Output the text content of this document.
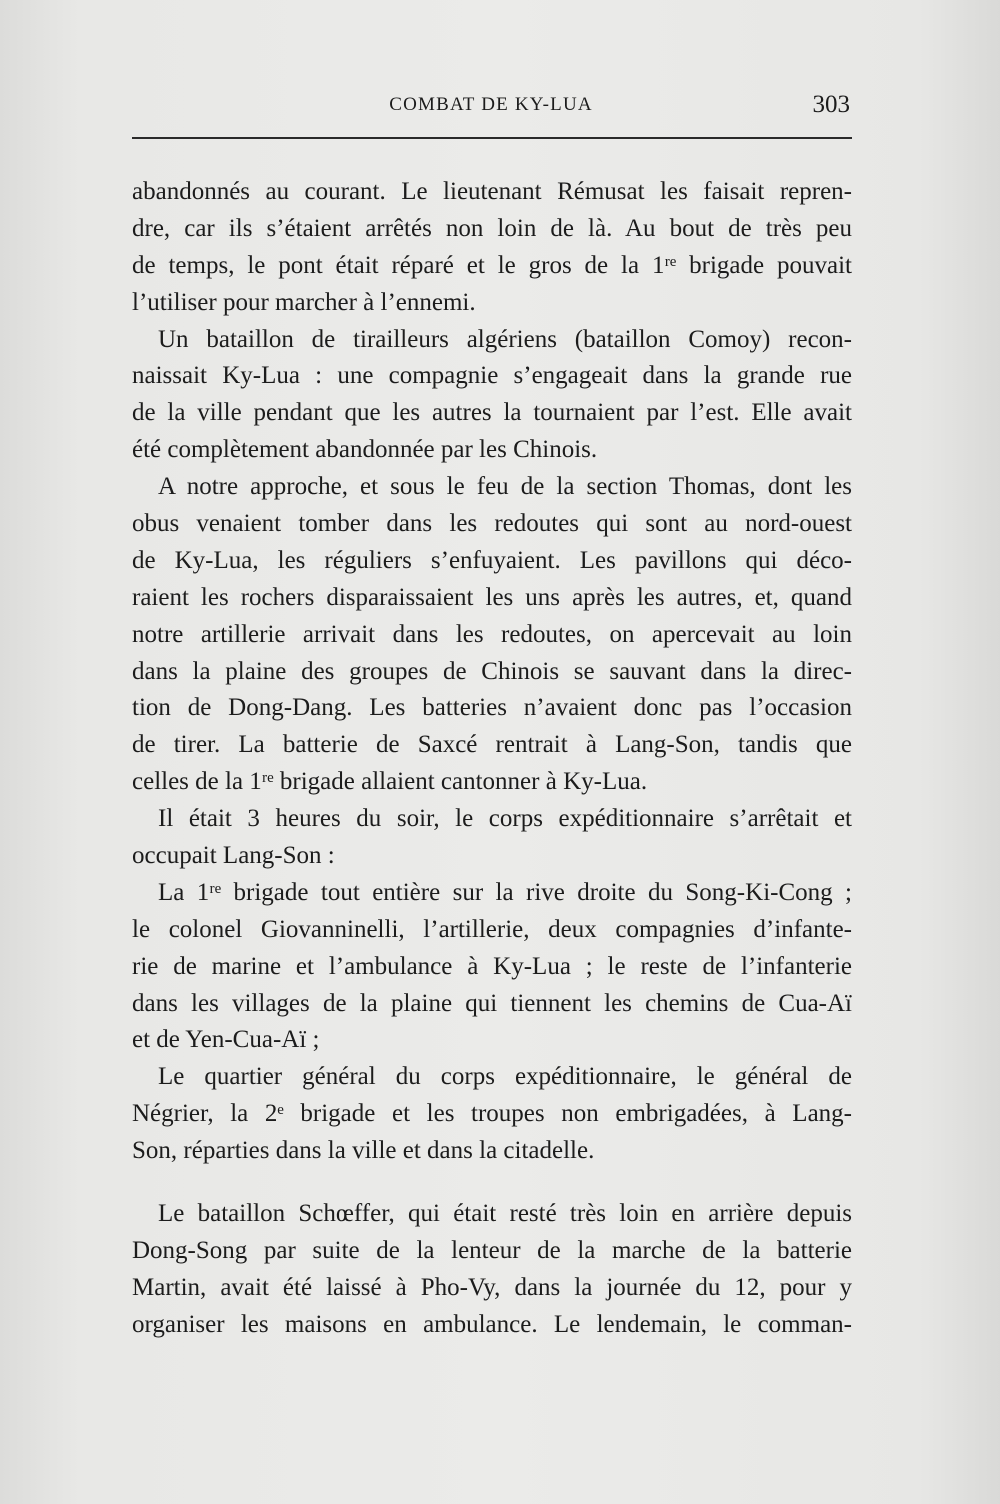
COMBAT DE KY-LUA	303
abandonnés au courant. Le lieutenant Rémusat les faisait repren-
dre, car ils s’étaient arrêtés non loin de là. Au bout de très peu
de temps, le pont était réparé et le gros de la 1ʳᵉ brigade pouvait
l’utiliser pour marcher à l’ennemi.
Un bataillon de tirailleurs algériens (bataillon Comoy) recon-
naissait Ky-Lua : une compagnie s’engageait dans la grande rue
de la ville pendant que les autres la tournaient par l’est. Elle avait
été complètement abandonnée par les Chinois.
A notre approche, et sous le feu de la section Thomas, dont les
obus venaient tomber dans les redoutes qui sont au nord-ouest
de Ky-Lua, les réguliers s’enfuyaient. Les pavillons qui déco-
raient les rochers disparaissaient les uns après les autres, et, quand
notre artillerie arrivait dans les redoutes, on apercevait au loin
dans la plaine des groupes de Chinois se sauvant dans la direc-
tion de Dong-Dang. Les batteries n’avaient donc pas l’occasion
de tirer. La batterie de Saxcé rentrait à Lang-Son, tandis que
celles de la 1ʳᵉ brigade allaient cantonner à Ky-Lua.
Il était 3 heures du soir, le corps expéditionnaire s’arrêtait et
occupait Lang-Son :
La 1ʳᵉ brigade tout entière sur la rive droite du Song-Ki-Cong ;
le colonel Giovanninelli, l’artillerie, deux compagnies d’infante-
rie de marine et l’ambulance à Ky-Lua ; le reste de l’infanterie
dans les villages de la plaine qui tiennent les chemins de Cua-Aï
et de Yen-Cua-Aï ;
Le quartier général du corps expéditionnaire, le général de
Négrier, la 2ᵉ brigade et les troupes non embrigadées, à Lang-
Son, réparties dans la ville et dans la citadelle.
Le bataillon Schœffer, qui était resté très loin en arrière depuis
Dong-Song par suite de la lenteur de la marche de la batterie
Martin, avait été laissé à Pho-Vy, dans la journée du 12, pour y
organiser les maisons en ambulance. Le lendemain, le comman-
